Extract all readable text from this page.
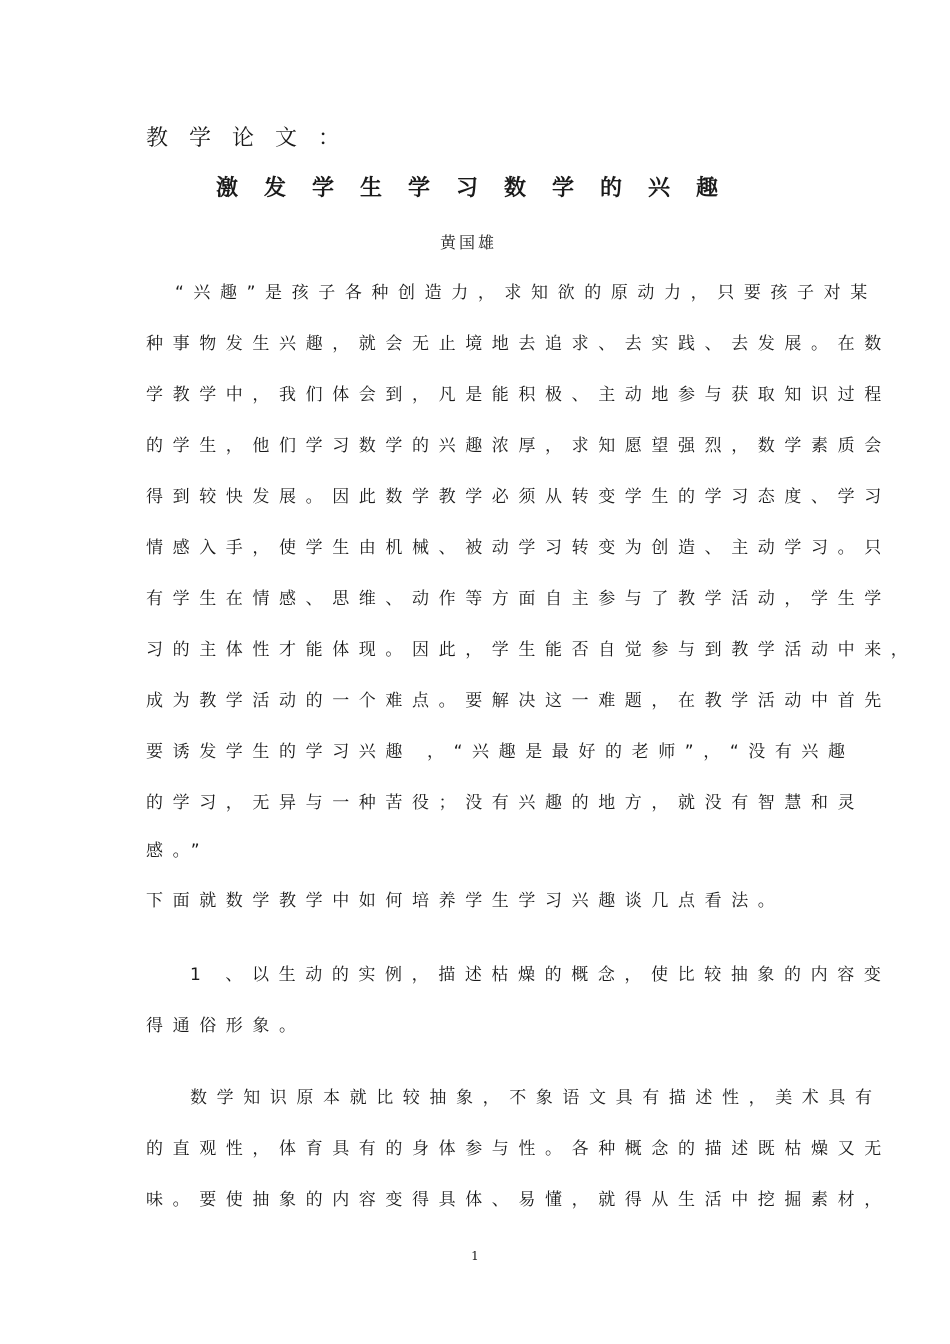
教学论文：
激发学生学习数学的兴趣
黄国雄
“兴趣”是孩子各种创造力，求知欲的原动力，只要孩子对某
种事物发生兴趣，就会无止境地去追求、去实践、去发展。在数
学教学中，我们体会到，凡是能积极、主动地参与获取知识过程
的学生，他们学习数学的兴趣浓厚，求知愿望强烈，数学素质会
得到较快发展。因此数学教学必须从转变学生的学习态度、学习
情感入手，使学生由机械、被动学习转变为创造、主动学习。只
有学生在情感、思维、动作等方面自主参与了教学活动，学生学
习的主体性才能体现。因此，学生能否自觉参与到教学活动中来，
成为教学活动的一个难点。要解决这一难题，在教学活动中首先
要诱发学生的学习兴趣 ，“兴趣是最好的老师”，“没有兴趣
的学习，无异与一种苦役；没有兴趣的地方，就没有智慧和灵
感。”
下面就数学教学中如何培养学生学习兴趣谈几点看法。
1 、以生动的实例，描述枯燥的概念，使比较抽象的内容变
得通俗形象。
数学知识原本就比较抽象，不象语文具有描述性，美术具有
的直观性，体育具有的身体参与性。各种概念的描述既枯燥又无
味。要使抽象的内容变得具体、易懂，就得从生活中挖掘素材，
1
